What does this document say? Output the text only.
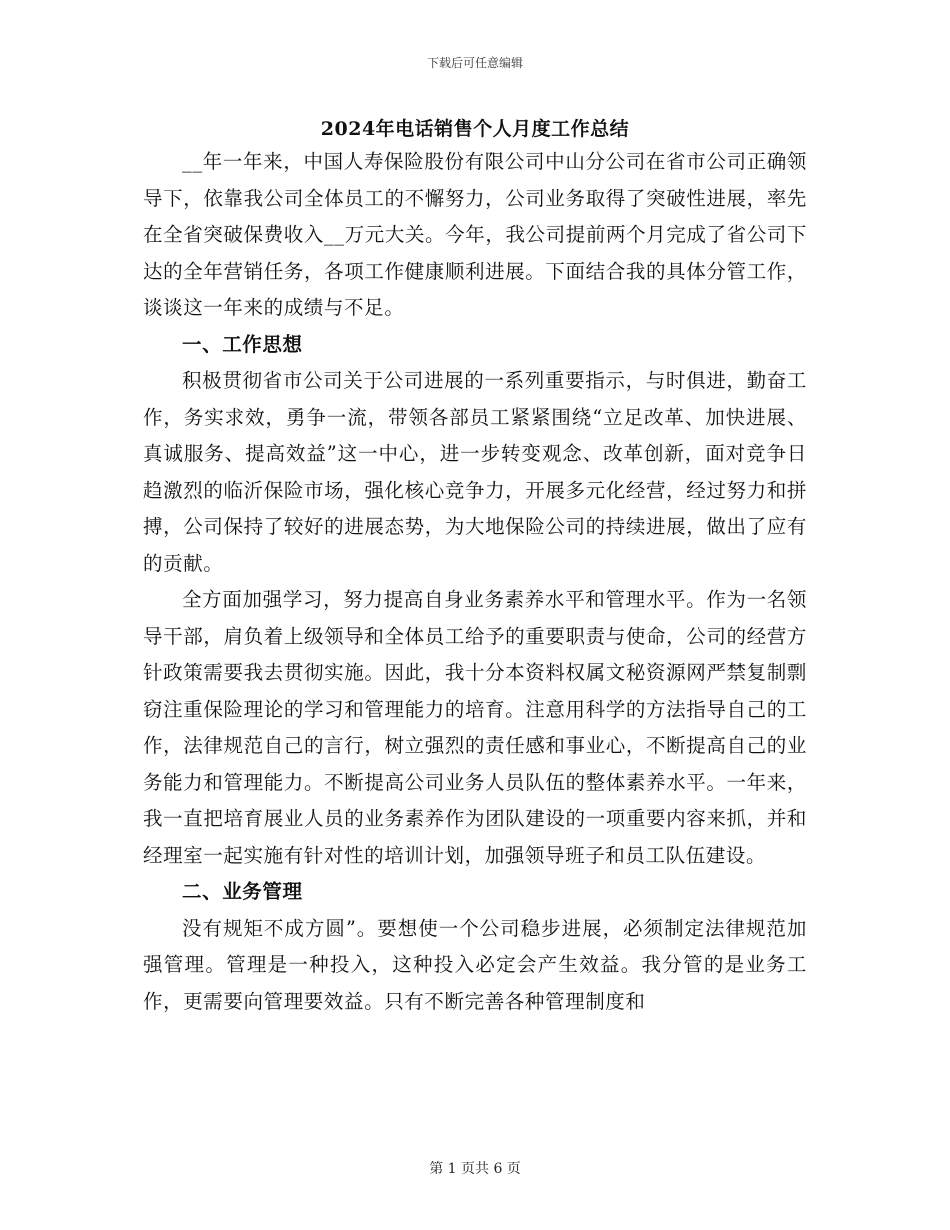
下载后可任意编辑
2024年电话销售个人月度工作总结

__年一年来，中国人寿保险股份有限公司中山分公司在省市公司正确领导下，依靠我公司全体员工的不懈努力，公司业务取得了突破性进展，率先在全省突破保费收入__万元大关。今年，我公司提前两个月完成了省公司下达的全年营销任务，各项工作健康顺利进展。下面结合我的具体分管工作，谈谈这一年来的成绩与不足。

一、工作思想

积极贯彻省市公司关于公司进展的一系列重要指示，与时俱进，勤奋工作，务实求效，勇争一流，带领各部员工紧紧围绕“立足改革、加快进展、真诚服务、提高效益”这一中心，进一步转变观念、改革创新，面对竞争日趋激烈的临沂保险市场，强化核心竞争力，开展多元化经营，经过努力和拼搏，公司保持了较好的进展态势，为大地保险公司的持续进展，做出了应有的贡献。

全方面加强学习，努力提高自身业务素养水平和管理水平。作为一名领导干部，肩负着上级领导和全体员工给予的重要职责与使命，公司的经营方针政策需要我去贯彻实施。因此，我十分本资料权属文秘资源网严禁复制剽窃注重保险理论的学习和管理能力的培育。注意用科学的方法指导自己的工作，法律规范自己的言行，树立强烈的责任感和事业心，不断提高自己的业务能力和管理能力。不断提高公司业务人员队伍的整体素养水平。一年来，我一直把培育展业人员的业务素养作为团队建设的一项重要内容来抓，并和经理室一起实施有针对性的培训计划，加强领导班子和员工队伍建设。

二、业务管理

没有规矩不成方圆”。要想使一个公司稳步进展，必须制定法律规范加强管理。管理是一种投入，这种投入必定会产生效益。我分管的是业务工作，更需要向管理要效益。只有不断完善各种管理制度和

第 1 页共 6 页
